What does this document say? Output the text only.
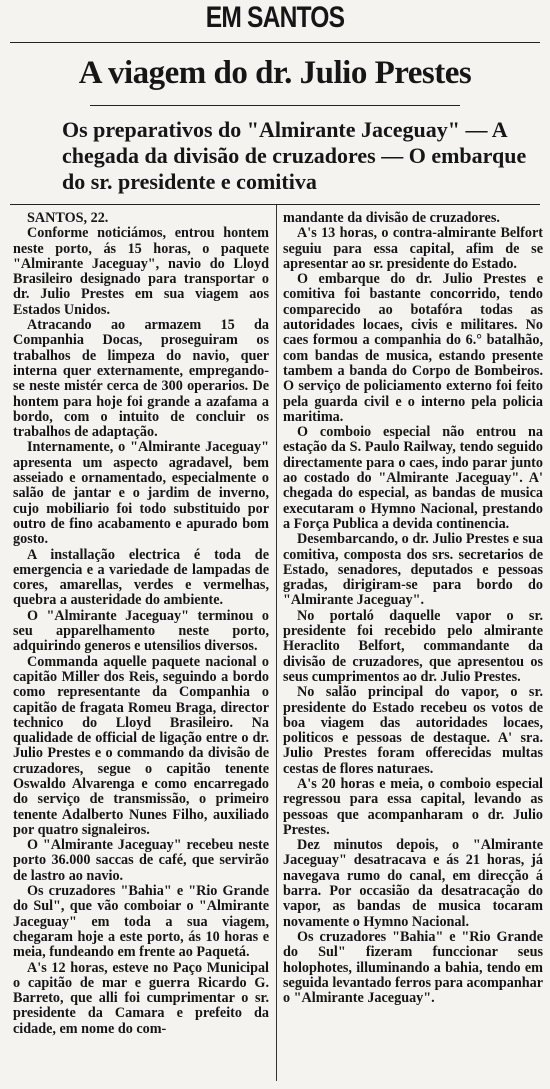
EM SANTOS
A viagem do dr. Julio Prestes
Os preparativos do "Almirante Jaceguay" — A chegada da divisão de cruzadores — O embarque do sr. presidente e comitiva

SANTOS, 22.

Conforme noticiámos, entrou hontem neste porto, ás 15 horas, o paquete "Almirante Jaceguay", navio do Lloyd Brasileiro designado para transportar o dr. Julio Prestes em sua viagem aos Estados Unidos.

Atracando ao armazem 15 da Companhia Docas, proseguiram os trabalhos de limpeza do navio, quer interna quer externamente, empregando-se neste mistér cerca de 300 operarios. De hontem para hoje foi grande a azafama a bordo, com o intuito de concluir os trabalhos de adaptação.

Internamente, o "Almirante Jaceguay" apresenta um aspecto agradavel, bem asseiado e ornamentado, especialmente o salão de jantar e o jardim de inverno, cujo mobiliario foi todo substituido por outro de fino acabamento e apurado bom gosto.

A installação electrica é toda de emergencia e a variedade de lampadas de cores, amarellas, verdes e vermelhas, quebra a austeridade do ambiente.

O "Almirante Jaceguay" terminou o seu apparelhamento neste porto, adquirindo generos e utensilios diversos.

Commanda aquelle paquete nacional o capitão Miller dos Reis, seguindo a bordo como representante da Companhia o capitão de fragata Romeu Braga, director technico do Lloyd Brasileiro. Na qualidade de official de ligação entre o dr. Julio Prestes e o commando da divisão de cruzadores, segue o capitão tenente Oswaldo Alvarenga e como encarregado do serviço de transmissão, o primeiro tenente Adalberto Nunes Filho, auxiliado por quatro signaleiros.

O "Almirante Jaceguay" recebeu neste porto 36.000 saccas de café, que servirão de lastro ao navio.

Os cruzadores "Bahia" e "Rio Grande do Sul", que vão comboiar o "Almirante Jaceguay" em toda a sua viagem, chegaram hoje a este porto, ás 10 horas e meia, fundeando em frente ao Paquetá.

A's 12 horas, esteve no Paço Municipal o capitão de mar e guerra Ricardo G. Barreto, que alli foi cumprimentar o sr. presidente da Camara e prefeito da cidade, em nome do com-

mandante da divisão de cruzadores.

A's 13 horas, o contra-almirante Belfort seguiu para essa capital, afim de se apresentar ao sr. presidente do Estado.

O embarque do dr. Julio Prestes e comitiva foi bastante concorrido, tendo comparecido ao botafóra todas as autoridades locaes, civis e militares. No caes formou a companhia do 6.° batalhão, com bandas de musica, estando presente tambem a banda do Corpo de Bombeiros. O serviço de policiamento externo foi feito pela guarda civil e o interno pela policia maritima.

O comboio especial não entrou na estação da S. Paulo Railway, tendo seguido directamente para o caes, indo parar junto ao costado do "Almirante Jaceguay". A' chegada do especial, as bandas de musica executaram o Hymno Nacional, prestando a Força Publica a devida continencia.

Desembarcando, o dr. Julio Prestes e sua comitiva, composta dos srs. secretarios de Estado, senadores, deputados e pessoas gradas, dirigiram-se para bordo do "Almirante Jaceguay".

No portaló daquelle vapor o sr. presidente foi recebido pelo almirante Heraclito Belfort, commandante da divisão de cruzadores, que apresentou os seus cumprimentos ao dr. Julio Prestes.

No salão principal do vapor, o sr. presidente do Estado recebeu os votos de boa viagem das autoridades locaes, politicos e pessoas de destaque. A' sra. Julio Prestes foram offerecidas multas cestas de flores naturaes.

A's 20 horas e meia, o comboio especial regressou para essa capital, levando as pessoas que acompanharam o dr. Julio Prestes.

Dez minutos depois, o "Almirante Jaceguay" desatracava e ás 21 horas, já navegava rumo do canal, em direcção á barra. Por occasião da desatracação do vapor, as bandas de musica tocaram novamente o Hymno Nacional.

Os cruzadores "Bahia" e "Rio Grande do Sul" fizeram funccionar seus holophotes, illuminando a bahia, tendo em seguida levantado ferros para acompanhar o "Almirante Jaceguay".
